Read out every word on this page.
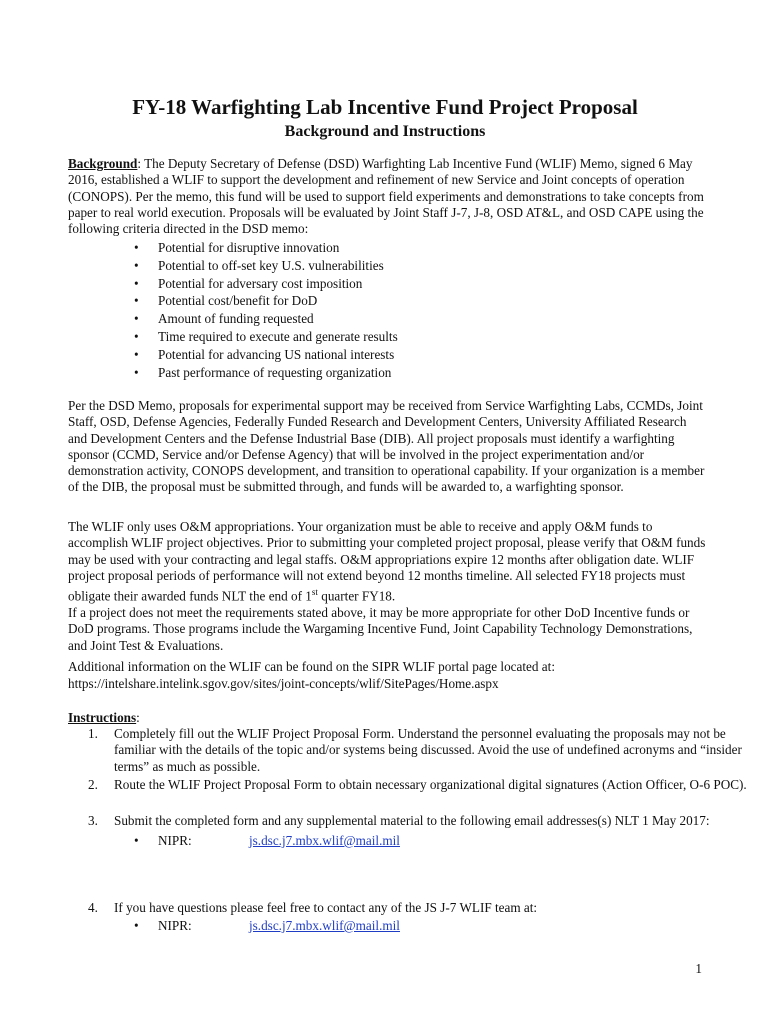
FY-18 Warfighting Lab Incentive Fund Project Proposal
Background and Instructions

Background: The Deputy Secretary of Defense (DSD) Warfighting Lab Incentive Fund (WLIF) Memo, signed 6 May 2016, established a WLIF to support the development and refinement of new Service and Joint concepts of operation (CONOPS). Per the memo, this fund will be used to support field experiments and demonstrations to take concepts from paper to real world execution. Proposals will be evaluated by Joint Staff J-7, J-8, OSD AT&L, and OSD CAPE using the following criteria directed in the DSD memo:

• Potential for disruptive innovation
• Potential to off-set key U.S. vulnerabilities
• Potential for adversary cost imposition
• Potential cost/benefit for DoD
• Amount of funding requested
• Time required to execute and generate results
• Potential for advancing US national interests
• Past performance of requesting organization

Per the DSD Memo, proposals for experimental support may be received from Service Warfighting Labs, CCMDs, Joint Staff, OSD, Defense Agencies, Federally Funded Research and Development Centers, University Affiliated Research and Development Centers and the Defense Industrial Base (DIB). All project proposals must identify a warfighting sponsor (CCMD, Service and/or Defense Agency) that will be involved in the project experimentation and/or demonstration activity, CONOPS development, and transition to operational capability. If your organization is a member of the DIB, the proposal must be submitted through, and funds will be awarded to, a warfighting sponsor.

The WLIF only uses O&M appropriations. Your organization must be able to receive and apply O&M funds to accomplish WLIF project objectives. Prior to submitting your completed project proposal, please verify that O&M funds may be used with your contracting and legal staffs. O&M appropriations expire 12 months after obligation date. WLIF project proposal periods of performance will not extend beyond 12 months timeline. All selected FY18 projects must obligate their awarded funds NLT the end of 1st quarter FY18.

If a project does not meet the requirements stated above, it may be more appropriate for other DoD Incentive funds or DoD programs. Those programs include the Wargaming Incentive Fund, Joint Capability Technology Demonstrations, and Joint Test & Evaluations.

Additional information on the WLIF can be found on the SIPR WLIF portal page located at:

https://intelshare.intelink.sgov.gov/sites/joint-concepts/wlif/SitePages/Home.aspx

Instructions:

1. Completely fill out the WLIF Project Proposal Form. Understand the personnel evaluating the proposals may not be familiar with the details of the topic and/or systems being discussed. Avoid the use of undefined acronyms and “insider terms” as much as possible.
2. Route the WLIF Project Proposal Form to obtain necessary organizational digital signatures (Action Officer, O-6 POC).
3. Submit the completed form and any supplemental material to the following email addresses(s) NLT 1 May 2017:
• NIPR:	js.dsc.j7.mbx.wlif@mail.mil
4. If you have questions please feel free to contact any of the JS J-7 WLIF team at:
• NIPR:	js.dsc.j7.mbx.wlif@mail.mil
1
